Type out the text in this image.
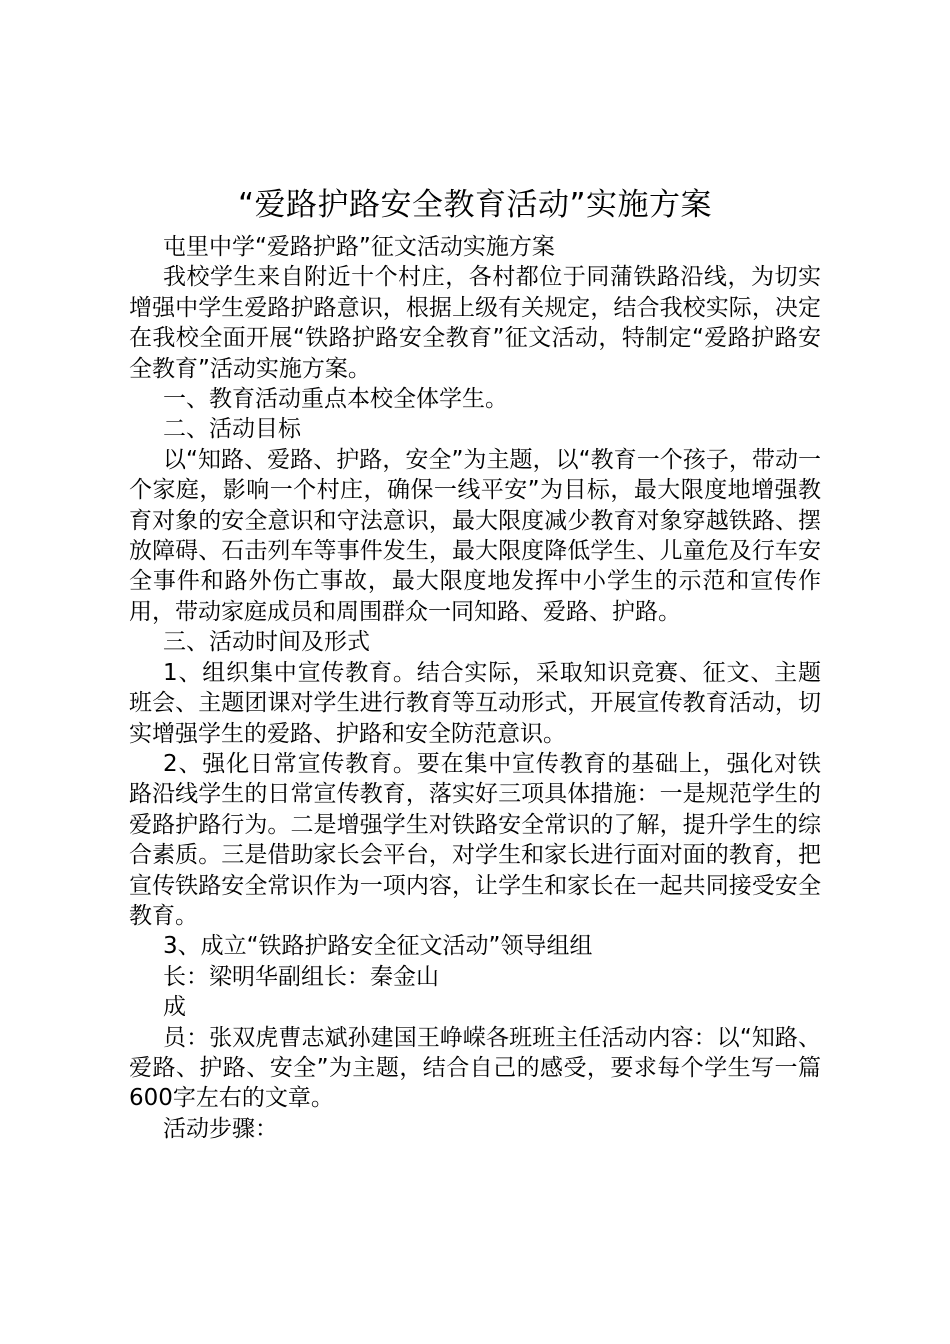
“爱路护路安全教育活动”实施方案

屯里中学“爱路护路”征文活动实施方案

我校学生来自附近十个村庄，各村都位于同蒲铁路沿线，为切实增强中学生爱路护路意识，根据上级有关规定，结合我校实际，决定在我校全面开展“铁路护路安全教育”征文活动，特制定“爱路护路安全教育”活动实施方案。

一、教育活动重点本校全体学生。

二、活动目标

以“知路、爱路、护路，安全”为主题，以“教育一个孩子，带动一个家庭，影响一个村庄，确保一线平安”为目标，最大限度地增强教育对象的安全意识和守法意识，最大限度减少教育对象穿越铁路、摆放障碍、石击列车等事件发生，最大限度降低学生、儿童危及行车安全事件和路外伤亡事故，最大限度地发挥中小学生的示范和宣传作用，带动家庭成员和周围群众一同知路、爱路、护路。

三、活动时间及形式

1、组织集中宣传教育。结合实际，采取知识竞赛、征文、主题班会、主题团课对学生进行教育等互动形式，开展宣传教育活动，切实增强学生的爱路、护路和安全防范意识。

2、强化日常宣传教育。要在集中宣传教育的基础上，强化对铁路沿线学生的日常宣传教育，落实好三项具体措施：一是规范学生的爱路护路行为。二是增强学生对铁路安全常识的了解，提升学生的综合素质。三是借助家长会平台，对学生和家长进行面对面的教育，把宣传铁路安全常识作为一项内容，让学生和家长在一起共同接受安全教育。

3、成立“铁路护路安全征文活动”领导组组

长：梁明华副组长：秦金山

成

员：张双虎曹志斌孙建国王峥嵘各班班主任活动内容：以“知路、爱路、护路、安全”为主题，结合自己的感受，要求每个学生写一篇600字左右的文章。

活动步骤：
